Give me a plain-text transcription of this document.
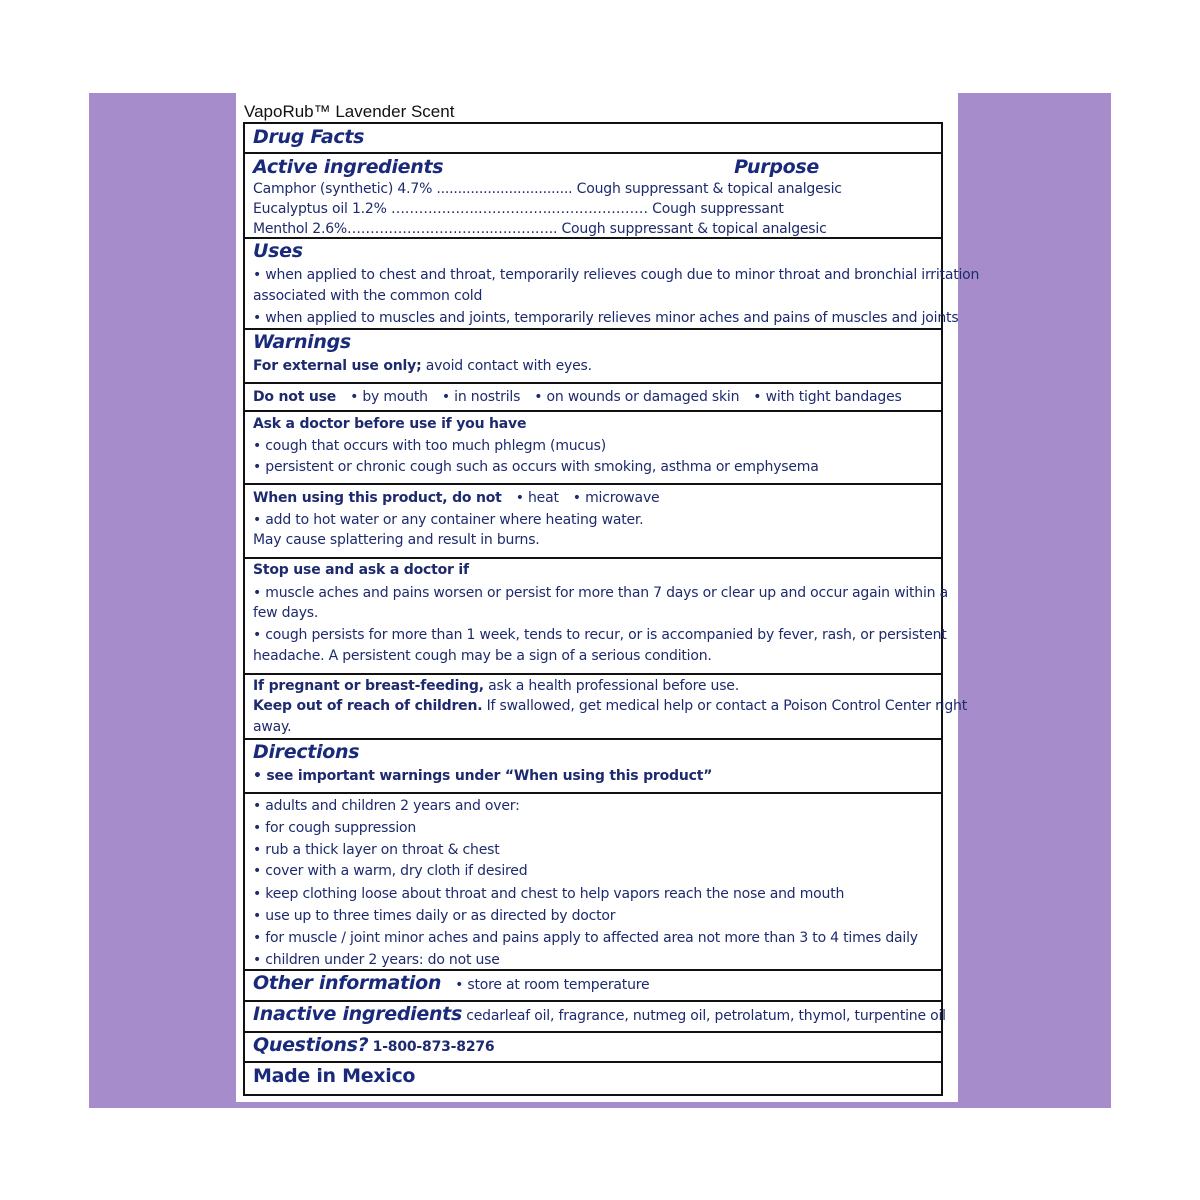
VapoRub™ Lavender Scent
Drug Facts
Active ingredients	Purpose
Camphor (synthetic) 4.7% ................................ Cough suppressant & topical analgesic
Eucalyptus oil 1.2% ……………….…………….………………… Cough suppressant
Menthol 2.6%…………………………..………….. Cough suppressant & topical analgesic
Uses
• when applied to chest and throat, temporarily relieves cough due to minor throat and bronchial irritation
associated with the common cold
• when applied to muscles and joints, temporarily relieves minor aches and pains of muscles and joints
Warnings
For external use only; avoid contact with eyes.
Do not use • by mouth • in nostrils • on wounds or damaged skin • with tight bandages
Ask a doctor before use if you have
• cough that occurs with too much phlegm (mucus)
• persistent or chronic cough such as occurs with smoking, asthma or emphysema
When using this product, do not • heat • microwave
• add to hot water or any container where heating water.
May cause splattering and result in burns.
Stop use and ask a doctor if
• muscle aches and pains worsen or persist for more than 7 days or clear up and occur again within a
few days.
• cough persists for more than 1 week, tends to recur, or is accompanied by fever, rash, or persistent
headache. A persistent cough may be a sign of a serious condition.
If pregnant or breast-feeding, ask a health professional before use.
Keep out of reach of children. If swallowed, get medical help or contact a Poison Control Center right
away.
Directions
• see important warnings under “When using this product”
• adults and children 2 years and over:
• for cough suppression
• rub a thick layer on throat & chest
• cover with a warm, dry cloth if desired
• keep clothing loose about throat and chest to help vapors reach the nose and mouth
• use up to three times daily or as directed by doctor
• for muscle / joint minor aches and pains apply to affected area not more than 3 to 4 times daily
• children under 2 years: do not use
Other information • store at room temperature
Inactive ingredients cedarleaf oil, fragrance, nutmeg oil, petrolatum, thymol, turpentine oil
Questions? 1-800-873-8276
Made in Mexico
